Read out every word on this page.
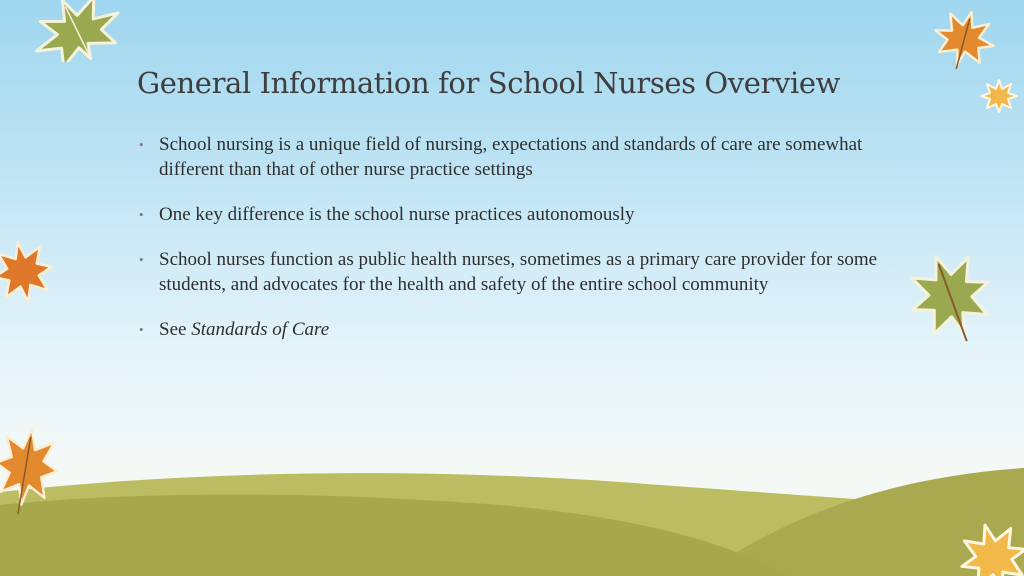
General Information for School Nurses Overview
• School nursing is a unique field of nursing, expectations and standards of care are somewhat different than that of other nurse practice settings
• One key difference is the school nurse practices autonomously
• School nurses function as public health nurses, sometimes as a primary care provider for some students, and advocates for the health and safety of the entire school community
• See Standards of Care
